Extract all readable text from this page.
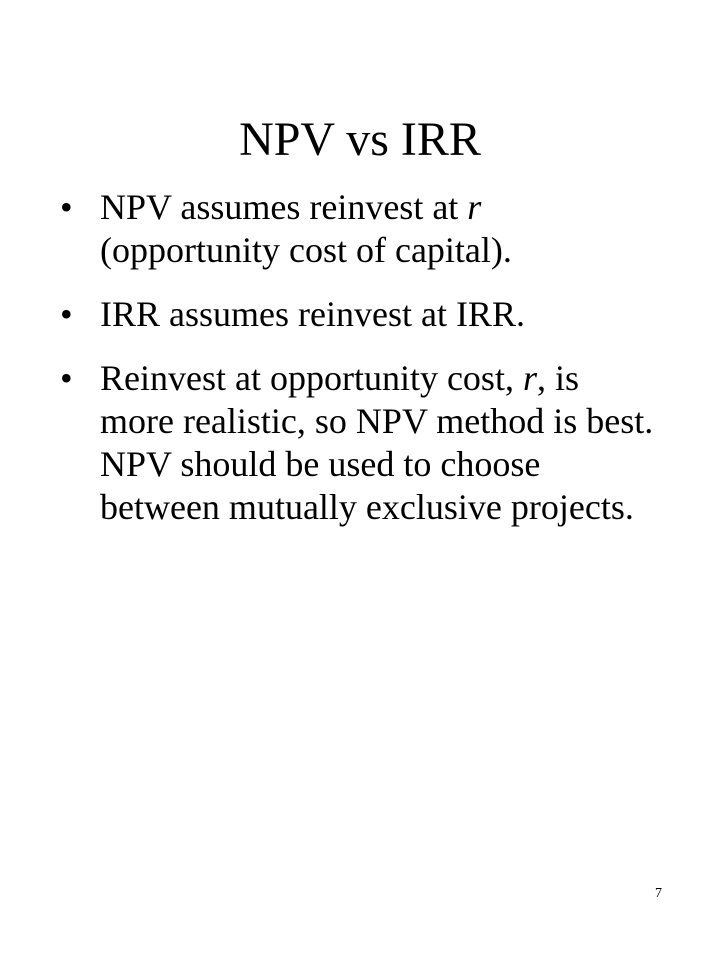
NPV vs IRR
• NPV assumes reinvest at r (opportunity cost of capital).
• IRR assumes reinvest at IRR.
• Reinvest at opportunity cost, r, is more realistic, so NPV method is best. NPV should be used to choose between mutually exclusive projects.
7
